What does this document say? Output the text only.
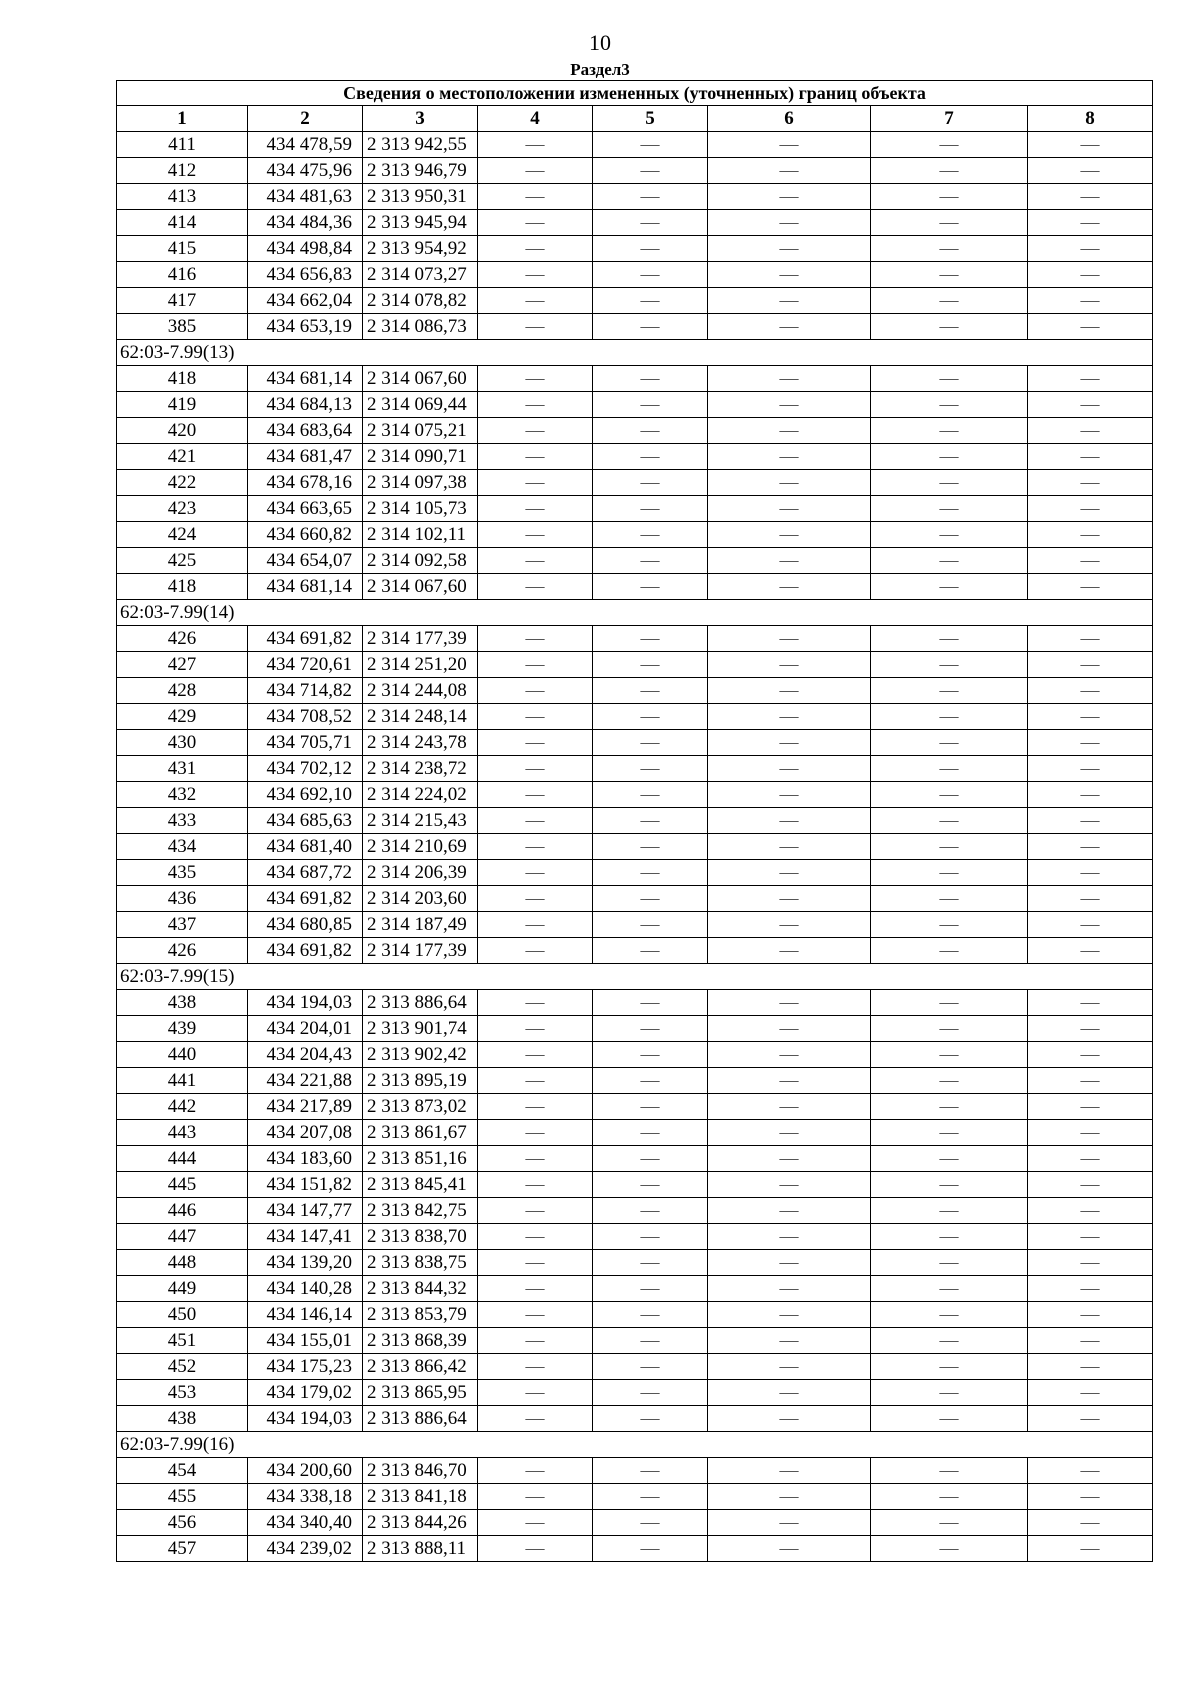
10
Раздел3
Сведения о местоположении измененных (уточненных) границ объекта							
1	2	3	4	5	6	7	8
411	434 478,59	2 313 942,55	—	—	—	—	—
412	434 475,96	2 313 946,79	—	—	—	—	—
413	434 481,63	2 313 950,31	—	—	—	—	—
414	434 484,36	2 313 945,94	—	—	—	—	—
415	434 498,84	2 313 954,92	—	—	—	—	—
416	434 656,83	2 314 073,27	—	—	—	—	—
417	434 662,04	2 314 078,82	—	—	—	—	—
385	434 653,19	2 314 086,73	—	—	—	—	—
62:03-7.99(13)							
418	434 681,14	2 314 067,60	—	—	—	—	—
419	434 684,13	2 314 069,44	—	—	—	—	—
420	434 683,64	2 314 075,21	—	—	—	—	—
421	434 681,47	2 314 090,71	—	—	—	—	—
422	434 678,16	2 314 097,38	—	—	—	—	—
423	434 663,65	2 314 105,73	—	—	—	—	—
424	434 660,82	2 314 102,11	—	—	—	—	—
425	434 654,07	2 314 092,58	—	—	—	—	—
418	434 681,14	2 314 067,60	—	—	—	—	—
62:03-7.99(14)							
426	434 691,82	2 314 177,39	—	—	—	—	—
427	434 720,61	2 314 251,20	—	—	—	—	—
428	434 714,82	2 314 244,08	—	—	—	—	—
429	434 708,52	2 314 248,14	—	—	—	—	—
430	434 705,71	2 314 243,78	—	—	—	—	—
431	434 702,12	2 314 238,72	—	—	—	—	—
432	434 692,10	2 314 224,02	—	—	—	—	—
433	434 685,63	2 314 215,43	—	—	—	—	—
434	434 681,40	2 314 210,69	—	—	—	—	—
435	434 687,72	2 314 206,39	—	—	—	—	—
436	434 691,82	2 314 203,60	—	—	—	—	—
437	434 680,85	2 314 187,49	—	—	—	—	—
426	434 691,82	2 314 177,39	—	—	—	—	—
62:03-7.99(15)							
438	434 194,03	2 313 886,64	—	—	—	—	—
439	434 204,01	2 313 901,74	—	—	—	—	—
440	434 204,43	2 313 902,42	—	—	—	—	—
441	434 221,88	2 313 895,19	—	—	—	—	—
442	434 217,89	2 313 873,02	—	—	—	—	—
443	434 207,08	2 313 861,67	—	—	—	—	—
444	434 183,60	2 313 851,16	—	—	—	—	—
445	434 151,82	2 313 845,41	—	—	—	—	—
446	434 147,77	2 313 842,75	—	—	—	—	—
447	434 147,41	2 313 838,70	—	—	—	—	—
448	434 139,20	2 313 838,75	—	—	—	—	—
449	434 140,28	2 313 844,32	—	—	—	—	—
450	434 146,14	2 313 853,79	—	—	—	—	—
451	434 155,01	2 313 868,39	—	—	—	—	—
452	434 175,23	2 313 866,42	—	—	—	—	—
453	434 179,02	2 313 865,95	—	—	—	—	—
438	434 194,03	2 313 886,64	—	—	—	—	—
62:03-7.99(16)							
454	434 200,60	2 313 846,70	—	—	—	—	—
455	434 338,18	2 313 841,18	—	—	—	—	—
456	434 340,40	2 313 844,26	—	—	—	—	—
457	434 239,02	2 313 888,11	—	—	—	—	—
